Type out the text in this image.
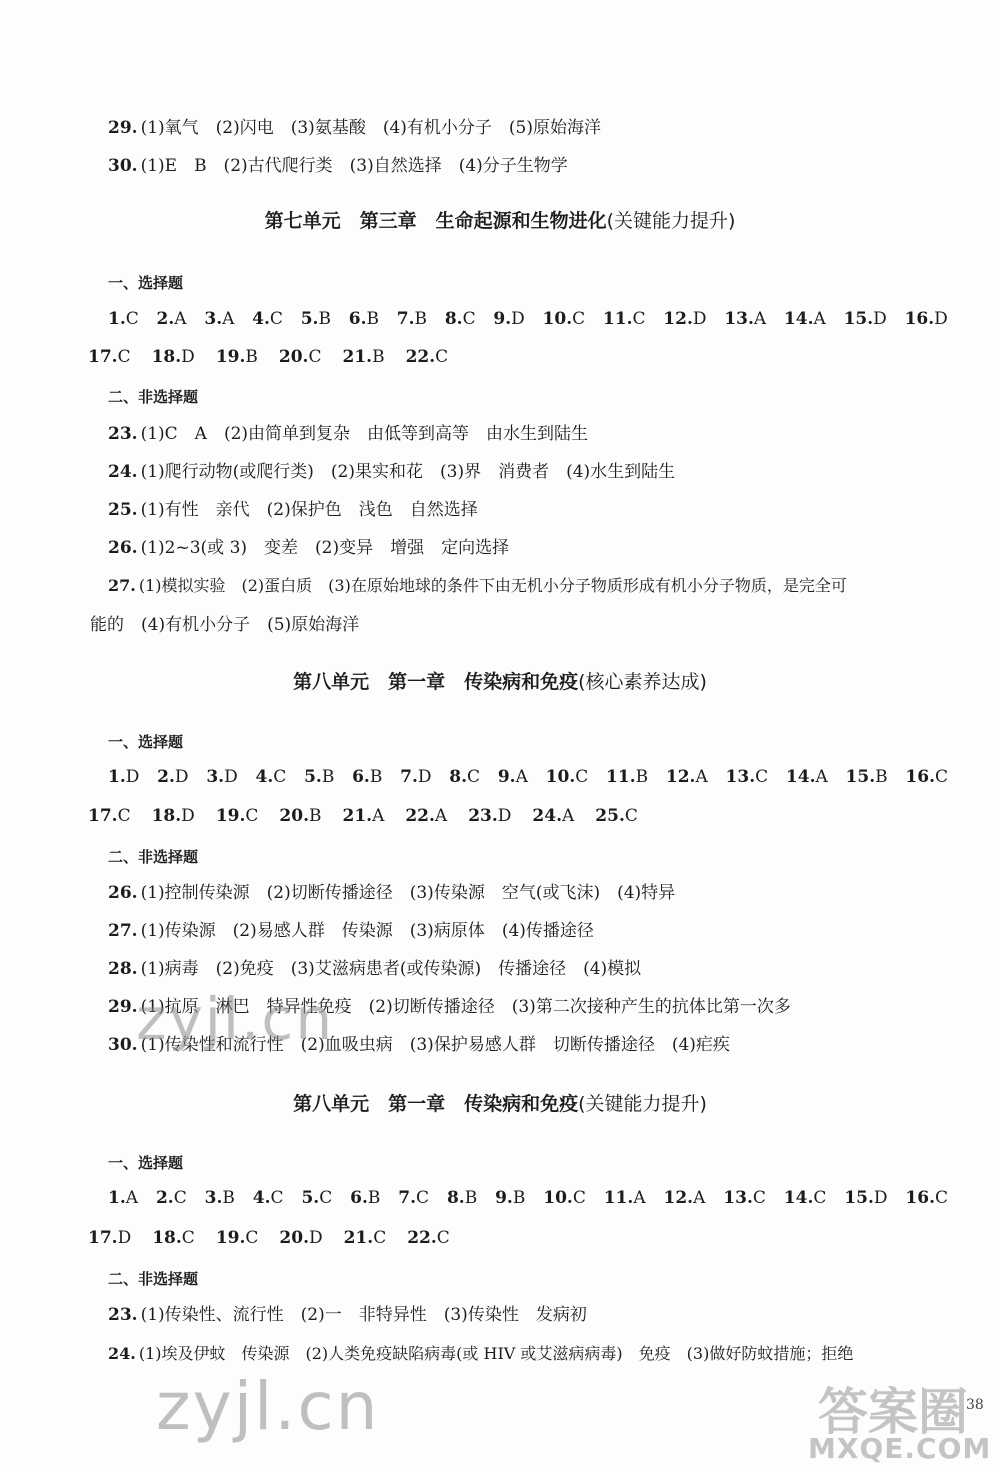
29. (1)氧气　(2)闪电　(3)氨基酸　(4)有机小分子　(5)原始海洋
30. (1)E　B　(2)古代爬行类　(3)自然选择　(4)分子生物学
第七单元　第三章　生命起源和生物进化(关键能力提升)
一、选择题
1.C 2.A 3.A 4.C 5.B 6.B 7.B 8.C 9.D 10.C 11.C 12.D 13.A 14.A 15.D 16.D
17.C 18.D 19.B 20.C 21.B 22.C
二、非选择题
23. (1)C　A　(2)由简单到复杂　由低等到高等　由水生到陆生
24. (1)爬行动物(或爬行类)　(2)果实和花　(3)界　消费者　(4)水生到陆生
25. (1)有性　亲代　(2)保护色　浅色　自然选择
26. (1)2~3(或 3)　变差　(2)变异　增强　定向选择
27. (1)模拟实验　(2)蛋白质　(3)在原始地球的条件下由无机小分子物质形成有机小分子物质，是完全可
能的　(4)有机小分子　(5)原始海洋
第八单元　第一章　传染病和免疫(核心素养达成)
一、选择题
1.D 2.D 3.D 4.C 5.B 6.B 7.D 8.C 9.A 10.C 11.B 12.A 13.C 14.A 15.B 16.C
17.C 18.D 19.C 20.B 21.A 22.A 23.D 24.A 25.C
二、非选择题
26. (1)控制传染源　(2)切断传播途径　(3)传染源　空气(或飞沫)　(4)特异
27. (1)传染源　(2)易感人群　传染源　(3)病原体　(4)传播途径
28. (1)病毒　(2)免疫　(3)艾滋病患者(或传染源)　传播途径　(4)模拟
29. (1)抗原　淋巴　特异性免疫　(2)切断传播途径　(3)第二次接种产生的抗体比第一次多
30. (1)传染性和流行性　(2)血吸虫病　(3)保护易感人群　切断传播途径　(4)疟疾
第八单元　第一章　传染病和免疫(关键能力提升)
一、选择题
1.A 2.C 3.B 4.C 5.C 6.B 7.C 8.B 9.B 10.C 11.A 12.A 13.C 14.C 15.D 16.C
17.D 18.C 19.C 20.D 21.C 22.C
二、非选择题
23. (1)传染性、流行性　(2)一　非特异性　(3)传染性　发病初
24. (1)埃及伊蚊　传染源　(2)人类免疫缺陷病毒(或 HIV 或艾滋病病毒)　免疫　(3)做好防蚊措施；拒绝
zyjl.cn
zyjl.cn	答案圈
MXQE.COM
38
